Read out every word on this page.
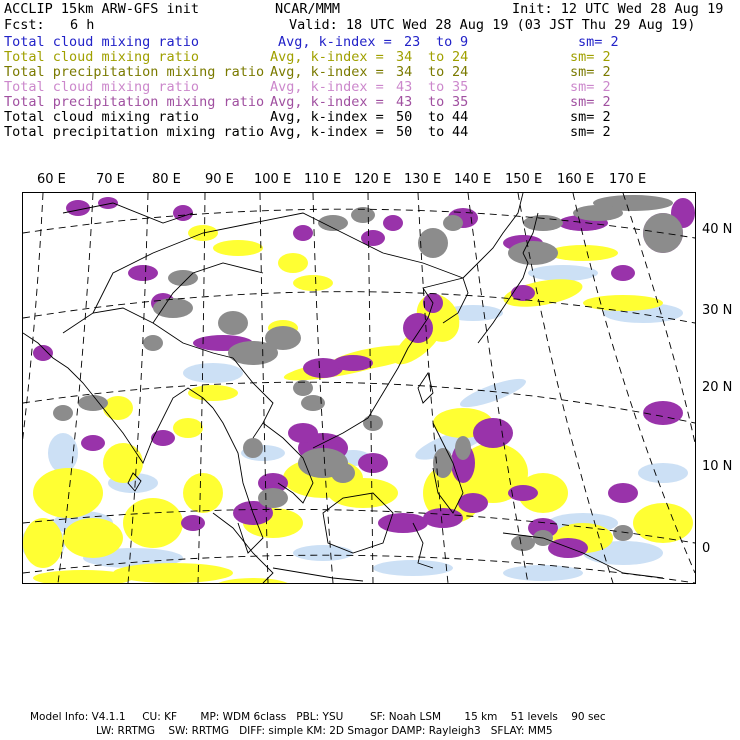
ACCLIP 15km ARW-GFS init	NCAR/MMM	Init: 12 UTC Wed 28 Aug 19
Fcst: 6 h	Valid: 18 UTC Wed 28 Aug 19 (03 JST Thu 29 Aug 19)
Total cloud mixing ratio	Avg, k-index = 23 to 9	sm= 2
Total cloud mixing ratio	Avg, k-index = 34 to 24	sm= 2
Total precipitation mixing ratio Avg, k-index = 34 to 24	sm= 2
Total cloud mixing ratio	Avg, k-index = 43 to 35	sm= 2
Total precipitation mixing ratio Avg, k-index = 43 to 35	sm= 2
Total cloud mixing ratio	Avg, k-index = 50 to 44	sm= 2
Total precipitation mixing ratio Avg, k-index = 50 to 44	sm= 2
60 E 70 E 80 E 90 E 100 E 110 E 120 E 130 E 140 E 150 E 160 E 170 E
40 N
30 N
20 N
10 N
0
Model Info: V4.1.1     CU: KF       MP: WDM 6class   PBL: YSU        SF: Noah LSM       15 km    51 levels    90 sec
LW: RRTMG    SW: RRTMG   DIFF: simple KM: 2D Smagor DAMP: Rayleigh3   SFLAY: MM5
